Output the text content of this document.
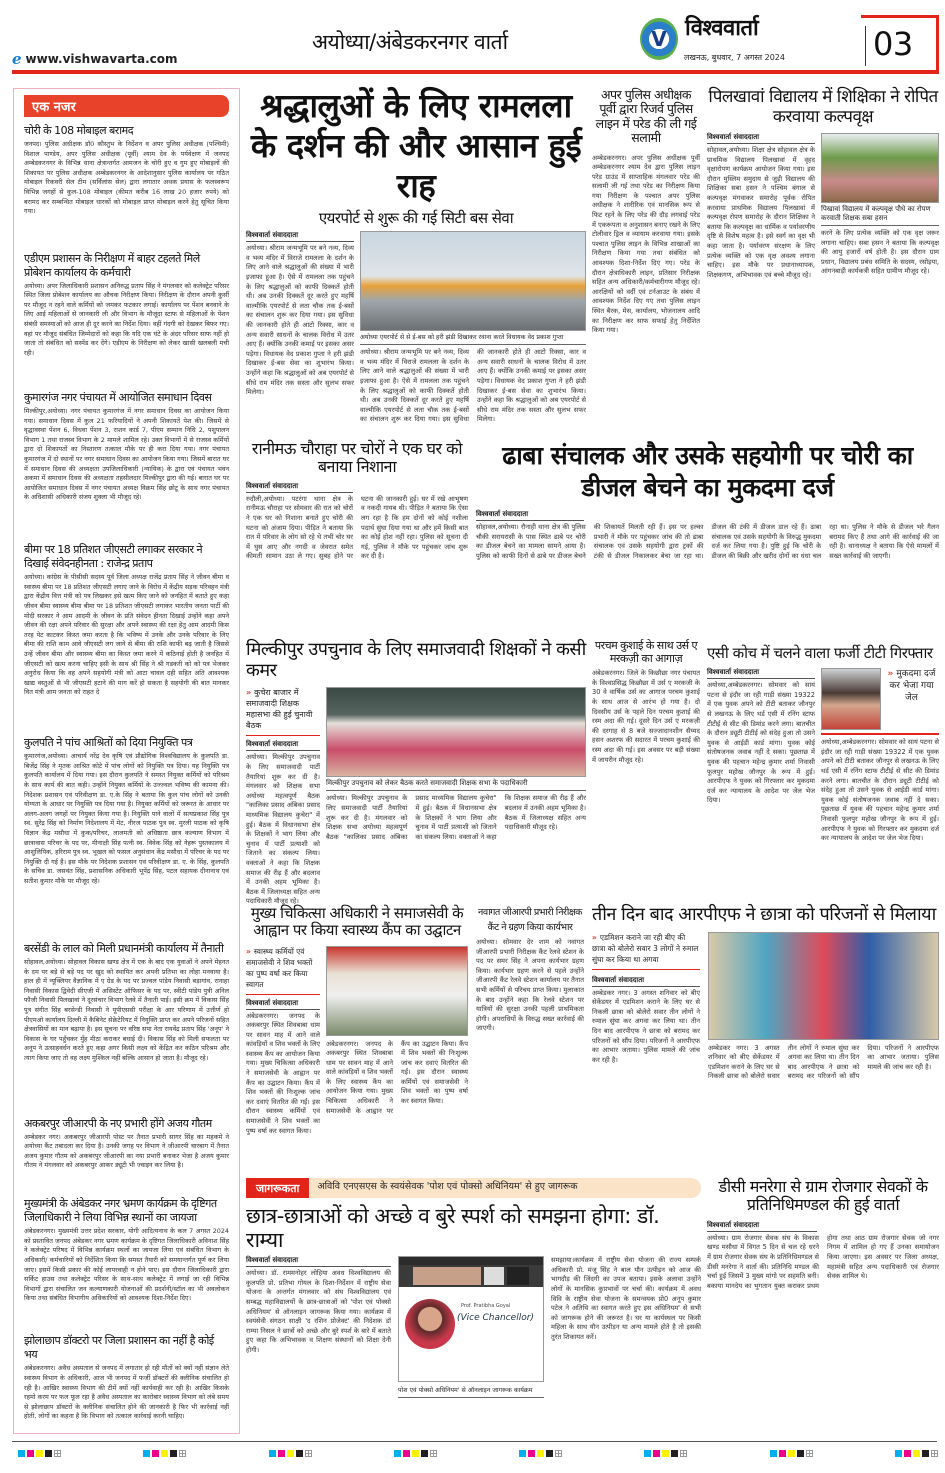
e www.vishwavarta.com
अयोध्या/अंबेडकरनगर वार्ता	V विश्ववार्ता
लखनऊ, बुधवार, 7 अगस्त 2024	03
एक नजर
चोरी के 108 मोबाइल बरामद
जनपद। पुलिस अधीक्षक डॉ0 कौस्तुभ के निर्देशन व अपर पुलिस अधीक्षक (पश्चिमी) विशाल पाण्डेय, अपर पुलिस अधीक्षक (पूर्वी) श्याम देव के पर्यवेक्षण में जनपद अम्बेडकरनगर के विभिन्न थाना क्षेत्रान्तर्गत आमजन के चोरी हुए व गुम हुए मोबाइलों की शिकायत पर पुलिस अधीक्षक अम्बेडकरनगर के आदेशानुसार पुलिस कार्यालय पर गठित मोबाइल रिकवरी सेल टीम (सर्विलांस सेल) द्वारा लगातार अथक प्रयास के फलस्वरूप विभिन्न जगहों से कुल-108 मोबाइल (कीमत करीब 16 लाख 20 हजार रुपये) को बरामद कर सम्बन्धित मोबाइल धारकों को मोबाइल प्राप्त मोबाइल करने हेतु सूचित किया गया।
एडीएम प्रशासन के निरीक्षण में बाहर टहलते मिले प्रोबेशन कार्यालय के कर्मचारी
अयोध्या। अपर जिलाधिकारी प्रशासन अनिरुद्ध प्रताप सिंह ने मंगलवार को कलेक्ट्रेट परिसर स्थित जिला प्रोबेशन कार्यालय का औचक निरीक्षण किया। निरीक्षण के दौरान अपनी कुर्सी पर मौजूद न रहने वाले कर्मियों को जमकर फटकार लगाई। कार्यालय पर पेंशन बनवाने के लिए आई महिलाओं से जानकारी ली और विभाग के मौजूदा स्टाफ से महिलाओं के पेंशन संबंधी समस्याओं को आज ही दूर करने का निर्देश दिया। वहीं गंदगी को देखकर बिफर गए। वहां पर मौजूद संबंधित जिम्मेदारों को कहा कि यदि एक घंटे के अंदर परिसर साफ नहीं हो जाता तो संबंधित को सस्पेंड कर देंगे। एडीएम के निरीक्षण को लेकर खासी खलबली मची रही।
कुमारगंज नगर पंचायत में आयोजित समाधान दिवस
मिल्कीपुर,अयोध्या। नगर पंचायत कुमारगंज में नगर समाधान दिवस का आयोजन किया गया। समाधान दिवस में कुल 21 फरियादियों ने अपनी शिकायतें पेश की। जिसमें से वृद्धावस्था पेंशन 6, विधवा पेंशन 3, राशन कार्ड 7, पीएम सम्मान निधि 2, पशुपालन विभाग 1 तथा राजस्व विभाग के 2 मामले शामिल रहे। उक्त विभागों में से राजस्व कर्मियों द्वारा दो शिकायतों का निस्तारण तत्काल मौके पर ही करा दिया गया। नगर पंचायत कुमारगंज में दो स्थानों पर नगर समाधान दिवस का आयोजन किया गया। जिसमें बारात घर में समाधान दिवस की अध्यक्षता उपजिलाधिकारी (न्यायिक) के द्वारा एवं पंचायत भवन अकमा में समाधान दिवस की अध्यक्षता तहसीलदार मिल्कीपुर द्वारा की गई। बारात घर पर आयोजित समाधान दिवस में नगर पंचायत अध्यक्ष विक्रम सिंह छोटू के साथ नगर पंचायत के अधिशासी अधिकारी संजय शुक्ला भी मौजूद रहे।
बीमा पर 18 प्रतिशत जीएसटी लगाकर सरकार ने दिखाई संवेदनहीनता : राजेन्द्र प्रताप
अयोध्या। कांग्रेस के पीसीसी सदस्य पूर्व जिला अध्यक्ष राजेंद्र प्रताप सिंह ने जीवन बीमा व स्वास्थ्य बीमा पर 18 प्रतिशत जीएसटी लगाए जाने के विरोध में केंद्रीय सड़क परिवहन मंत्री द्वारा केंद्रीय वित्त मंत्री को पत्र लिखकर इसे खत्म किए जाने को जनहित में बताते हुए कहा जीवन बीमा स्वास्थ्य बीमा बीमा पर 18 प्रतिशत जीएसटी लगाकर भारतीय जनता पार्टी की मोदी सरकार ने आम आदमी के जीवन के प्रति संवेदन हीनता दिखाई उन्होंने कहा अपने जीवन की रक्षा अपने परिवार की सुरक्षा और अपने स्वास्थ्य की रक्षा हेतु आम आदमी किस तरह पेट काटकर किस्त जमा करता है कि भविष्य में उनके और उनके परिवार के लिए बीमा की राशि काम आवे जीएसटी लग जाने से बीमा की राशि काफी बढ़ जाती है जिससे उन्हें जीवन बीमा और स्वास्थ्य बीमा का किस्त जमा करने में कठिनाई होती है जनहित में जीएसटी को खत्म करना चाहिए इसी के साथ श्री सिंह ने श्री गडकरी को को पत्र भेजकर अनुरोध किया कि वह अपने सहयोगी मंत्री को आटा चावल दही सहित अति आवश्यक खाद्य वस्तुओं से भी जीएसटी हटाने की माग करें हो सकता है सहयोगी की बात मानकर वित मंत्री आम जनता को राहत दे
कुलपति ने पांच आश्रितों को दिया नियुक्ति पत्र
कुमारगंज,अयोध्या। आचार्य नरेंद्र देव कृषि एवं प्रौद्योगिक विश्वविद्यालय के कुलपति डा. बिजेंद्र सिंह ने मृतक आश्रित कोटे में पांच लोगों को नियुक्ति पत्र दिया। यह नियुक्ति पत्र कुलपति कार्यालय में दिया गया। इस दौरान कुलपति ने समस्त नियुक्त कर्मियों को परिश्रम के साथ कार्य की बात कही। उन्होंने नियुक्त कर्मियों के उज्ज्वल भविष्य की कामना की। निदेशक प्रशासन एवं परिवीक्षण डा. ए.के सिंह ने बताया कि कुल पांच लोगों को उनकी योग्यता के आधार पर नियुक्ति पत्र दिया गया है। नियुक्त कर्मियों को जरूरत के आधार पर अलग-अलग जगहों पर नियुक्त किया गया है। नियुक्ति पाने वालों में सत्यप्रकाश सिंह पुत्र स्व. सुरेंद्र सिंह को निर्माण निदेशालय में मेट, नीरज पाठक पुत्र स्व. मुरली पाठक को कृषि विज्ञान केंद्र मसौधा में कुक/परिचर, लालमती को अधिष्ठाता छात्र कल्याण विभाग में छात्रावास परिचर के पद पर, मीनाक्षी सिंह पत्नी स्व. विवेक सिंह को नेहरू पुस्तकालय में आशुलिपिक, हरिराम पुत्र स्व. भूखल को फसल अनुसंधान केंद्र मसौधा में परिचर के पद पर नियुक्ति दी गई है। इस मौके पर निदेशक प्रशासन एवं परिवीक्षण डा. ए. के सिंह, कुलपति के सचिव डा. जसवंत सिंह, प्रशासनिक अधिकारी भूपेंद्र सिंह, पटल सहायक दीनानाथ एवं सतीश कुमार मौके पर मौजूद रहे।
बरसेंडी के लाल को मिली प्रधानमंत्री कार्यालय में तैनाती
सोहावल,अयोध्या। सोहावल विकास खण्ड क्षेत्र में एक के बाद एक युवाओं ने अपने मेहनत के दम पर बड़े से बड़े पद पर खुद को स्थापित कर अपनी प्रतिभा का लोहा मनवाया है। हाल ही में न्यूक्लियर वैज्ञानिक में ए ग्रेड के पद पर प्रज्वल पांडेय निवासी बड़ागांव, रानाहा निवासी विकास द्विवेदी सीएजी में असिस्टेंट ऑफिसर के पद पर, स्वीटी पांडेय पुत्री अनिल फौजी निवासी पिलखावां ने दूरसंचार विभाग रेलवे में तैनाती पाई। इसी क्रम में विकास सिंह पुत्र संगीत सिंह बरसेन्डी निवासी ने यूपीएससी परीक्षा के आर परिणाम में उत्तीर्ण हो पीएमओ कार्यालय दिल्ली में कैबिनेट सेक्रेटेरियट में नियुक्ति प्राप्त कर अपने परिजनों सहित क्षेत्रवासियों का मान बढ़ाया है। इस सूचना पर वरिष्ठ सपा नेता रायवेंद्र प्रताप सिंह 'अनूप' ने विकास के घर पहुँचकर मुँह मीठा कराकर बधाई दी। विकास सिंह को मिली सफलता पर अनूप ने उत्साहवर्धन करते हुए कहा अगर किसी लक्ष्य को केंद्रित कर कठिन परिश्रम और त्याग किया जाए तो वह लक्ष्य मुश्किल नहीं बल्कि आसान हो जाता है। मौजूद रहे।
अकबरपुर जीआरपी के नए प्रभारी होंगे अजय गौतम
अम्बेडकर नगर। अकबरपुर जीआरपी पोस्ट पर तैनात प्रभारी सागर सिंह का महकमे ने अयोध्या कैंट तबादला कर दिया है। उनकी जगह पर विभाग ने जीआरपी चारबाग में तैनात अजय कुमार गौतम को अकबरपुर जीआरपी का नया प्रभारी बनाकर भेजा है अजय कुमार गौतम ने मंगलवार को अकबरपुर आकर ड्यूटी भी ज्वाइन कर लिया है।
मुख्यमंत्री के अंबेडकर नगर भ्रमण कार्यक्रम के दृष्टिगत जिलाधिकारी ने लिया विभिन्न स्थानों का जायजा
अंबेडकरनगर। मुख्यमंत्री उत्तर प्रदेश सरकार, योगी आदित्यनाथ के कल 7 अगस्त 2024 को प्रस्तावित जनपद अंबेडकर नगर भ्रमण कार्यक्रम के दृष्टिगत जिलाधिकारी अविनाश सिंह ने कलेक्ट्रेट परिषद में विभिन्न कार्यक्रम स्थलों का जायजा लिया एवं संबंधित विभाग के अधिकारी/ कर्मचारियों को निर्देशित किया कि समस्त तैयारी को समयान्तर्गत पूर्ण कर लिया जाए। इसमें किसी प्रकार की कोई लापरवाही न होने पाए। इस दौरान जिलाधिकारी द्वारा सर्किट हाउस तथा कलेक्ट्रेट परिसर के साथ-साथ कलेक्ट्रेट में लगाई जा रही विभिन्न विभागों द्वारा संचालित जन कल्याणकारी योजनाओं की प्रदर्शनी/स्टॉल का भी अवलोकन किया तथा संबंधित विभागीय अधिकारियों को आवश्यक दिशा-निर्देश दिए।
झोलाछाप डॉक्टरो पर जिला प्रशासन का नहीं है कोई भय
अंबेडकरनगर। अवैध अस्पताल से जनपद में लगातार हो रही मौतों को क्यों नहीं संज्ञान लेते स्वास्थ्य विभाग के अधिकारी, आज भी जनपद में फर्जी डॉक्टरों की क्लीनिक संचालित हो रही है। आखिर स्वास्थ्य विभाग की टीमें क्यों नहीं कार्यवाही कर रही है। आखिर किसके रहमो करम पर फल फूल रहा है अवैध अस्पताल का कारोबार स्वास्थ्य विभाग को लंबे समय से झोलाछाप डॉक्टरों के क्लीनिक संचालित होने की जानकारी है फिर भी कार्रवाई नहीं होती, लोगों का कहना है कि विभाग को तत्काल कार्रवाई करनी चाहिए।
श्रद्धालुओं के लिए रामलला के दर्शन की और आसान हुई राह
एयरपोर्ट से शुरू की गई सिटी बस सेवा
विश्ववार्ता संवाददाता
अयोध्या। श्रीराम जन्मभूमि पर बने नव्य, दिव्य व भव्य मंदिर में विराजे रामलला के दर्शन के लिए आने वाले श्रद्धालुओं की संख्या में भारी इजाफा हुआ है। ऐसे में रामलला तक पहुंचने के लिए श्रद्धालुओं को काफी दिक्कतें होती थी। अब उनकी दिक्कतें दूर करते हुए महर्षि वाल्मीकि एयरपोर्ट से लता चौक तक ई-बसों का संचालन शुरू कर दिया गया। इस सुविधा की जानकारी होते ही आटो रिक्सा, कार व अन्य सवारी साधनों के चालक विरोध में उतर आए हैं। क्योंकि उनकी कमाई पर इसका असर पड़ेगा। विधायक वेद प्रकाश गुप्ता ने हरी झंडी दिखाकर ई-बस सेवा का शुभारंभ किया। उन्होंने कहा कि श्रद्धालुओं को अब एयरपोर्ट से सीधे राम मंदिर तक सस्ता और सुलभ सफर मिलेगा।
अयोध्या एयरपोर्ट से से ई-बस को हरी झंडी दिखाकर रवाना करते विधायक वेद प्रकाश गुप्ता
अयोध्या। श्रीराम जन्मभूमि पर बने नव्य, दिव्य व भव्य मंदिर में विराजे रामलला के दर्शन के लिए आने वाले श्रद्धालुओं की संख्या में भारी इजाफा हुआ है। ऐसे में रामलला तक पहुंचने के लिए श्रद्धालुओं को काफी दिक्कतें होती थी। अब उनकी दिक्कतें दूर करते हुए महर्षि वाल्मीकि एयरपोर्ट से लता चौक तक ई-बसों का संचालन शुरू कर दिया गया। इस सुविधा की जानकारी होते ही आटो रिक्सा, कार व अन्य सवारी साधनों के चालक विरोध में उतर आए हैं। क्योंकि उनकी कमाई पर इसका असर पड़ेगा। विधायक वेद प्रकाश गुप्ता ने हरी झंडी दिखाकर ई-बस सेवा का शुभारंभ किया। उन्होंने कहा कि श्रद्धालुओं को अब एयरपोर्ट से सीधे राम मंदिर तक सस्ता और सुलभ सफर मिलेगा।
अपर पुलिस अधीक्षक पूर्वी द्वारा रिजर्व पुलिस लाइन में परेड की ली गई सलामी
अम्बेडकरनगर। अपर पुलिस अधीक्षक पूर्वी अम्बेडकरनगर श्याम देव द्वारा पुलिस लाइन परेड ग्राउंड में साप्ताहिक मंगलवार परेड की सलामी ली गई तथा परेड का निरीक्षण किया गया निरीक्षण के पश्चात अपर पुलिस अधीक्षक ने शारीरिक एवं मानसिक रूप से फिट रहने के लिए परेड की दौड़ लगवाई परेड में एकरूपता व अनुशासन बनाए रखने के लिए टोलीवार ड्रिल व व्यायाम करवाया गया। इसके पश्चात पुलिस लाइन के विभिन्न शाखाओं का निरीक्षण किया गया तथा संबंधित को आवश्यक दिशा-निर्देश दिए गए। परेड के दौरान क्षेत्राधिकारी लाइन, प्रतिसार निरीक्षक सहित अन्य अधिकारी/कर्मचारीगण मौजूद रहे। आरक्षियों को वर्दी एवं टर्नआउट के संबंध में आवश्यक निर्देश दिए गए तथा पुलिस लाइन स्थित बैरक, मेस, कार्यालय, भोजनालय आदि का निरीक्षण कर साफ सफाई हेतु निर्देशित किया गया।
पिलखावां विद्यालय में शिक्षिका ने रोपित करवाया कल्पवृक्ष
विश्ववार्ता संवाददाता
सोहावल,अयोध्या। शिक्षा क्षेत्र सोहावल क्षेत्र के प्राथमिक विद्यालय पिलखावां में वृहद वृक्षारोपण कार्यक्रम आयोजन किया गया। इस दौरान मुस्लिम समुदाय से जुड़ी विद्यालय की शिक्षिका सबा हसन ने पश्चिम बंगाल से कल्पवृक्ष मंगवाकर समारोह पूर्वक रोपित करवाया प्राथमिक विद्यालय पिलखावां में कल्पवृक्ष रोपण समारोह के दौरान शिक्षिका ने बताया कि कल्पवृक्ष का धार्मिक व पर्यावरणीय दृष्टि से विशेष महत्व है। इसे स्वर्ग का वृक्ष भी कहा जाता है। पर्यावरण संरक्षण के लिए प्रत्येक व्यक्ति को एक वृक्ष अवश्य लगाना चाहिए। इस मौके पर प्रधानाध्यापक, शिक्षकगण, अभिभावक एवं बच्चे मौजूद रहे।
पिखावां विद्यालय में कल्पवृक्ष पौधे का रोपण करवाती शिक्षक सबा हसन
करने के लिए प्रत्येक व्यक्ति को एक वृक्ष जरूर लगाना चाहिए। सबा हसन ने बताया कि कल्पवृक्ष की आयु हजारों वर्ष होती है। इस दौरान ग्राम प्रधान, विद्यालय प्रबंध समिति के सदस्य, रसोइया, आंगनबाड़ी कार्यकत्री सहित ग्रामीण मौजूद रहे।
रानीमऊ चौराहा पर चोरों ने एक घर को बनाया निशाना
विश्ववार्ता संवाददाता
रुदौली,अयोध्या। पटरंगा थाना क्षेत्र के रानीमऊ चौराहा पर सोमवार की रात को चोरों ने एक घर को निशाना बनाते हुए चोरी की घटना को अंजाम दिया। पीड़ित ने बताया कि रात में परिवार के लोग सो रहे थे तभी चोर घर में घुस आए और नगदी व जेवरात समेत कीमती सामान उठा ले गए। सुबह होने पर घटना की जानकारी हुई। घर में रखे आभूषण व नकदी गायब थी। पीड़ित ने बताया कि ऐसा लग रहा है कि हम दोनों को कोई नशीला पदार्थ सुंघा दिया गया था और हमें किसी बात का कोई होश नहीं रहा। पुलिस को सूचना दी गई, पुलिस ने मौके पर पहुंचकर जांच शुरू कर दी है।
ढाबा संचालक और उसके सहयोगी पर चोरी का डीजल बेचने का मुकदमा दर्ज
विश्ववार्ता संवाददाता
सोहावल,अयोध्या। रौनाही थाना क्षेत्र की पुलिस चौकी सरायरासी के पास स्थित ढाबे पर चोरी का डीजल बेचने का मामला सामने आया है। पुलिस को काफी दिनों से ढाबे पर डीजल बेचने की शिकायतें मिलती रही हैं। इस पर हल्का प्रभारी ने मौके पर पहुंचकर जांच की तो ढाबा संचालक एवं उसके सहयोगी द्वारा ट्रकों की टंकी से डीजल निकालकर बेचा जा रहा था। डीजल की टंकी में डीजल डाल रहे हैं। ढाबा संचालक एवं उसके सहयोगी के विरुद्ध मुकदमा दर्ज कर लिया गया है। पुष्टि हुई कि चोरी के डीजल की बिक्री और खरीद दोनों का धंधा चल रहा था। पुलिस ने मौके से डीजल भरे गैलन बरामद किए हैं तथा आगे की कार्रवाई की जा रही है। थानाध्यक्ष ने बताया कि ऐसे मामलों में सख्त कार्रवाई की जाएगी।
मिल्कीपुर उपचुनाव के लिए समाजवादी शिक्षकों ने कसी कमर
» कुचेरा बाजार में समाजवादी शिक्षक महासभा की हुई चुनावी बैठक
विश्ववार्ता संवाददाता
अयोध्या। मिल्कीपुर उपचुनाव के लिए समाजवादी पार्टी तैयारियां शुरू कर दी है। मंगलवार को शिक्षक सभा अयोध्या महत्वपूर्ण बैठक "कालिका प्रसाद अंबिका प्रसाद माध्यमिक विद्यालय कुचेरा" में हुई। बैठक में विधानसभा क्षेत्र के शिक्षकों ने भाग लिया और चुनाव में पार्टी प्रत्याशी को जिताने का संकल्प लिया। वक्ताओं ने कहा कि शिक्षक समाज की रीढ़ हैं और बदलाव में उनकी अहम भूमिका है। बैठक में जिलाध्यक्ष सहित अन्य पदाधिकारी मौजूद रहे।
मिल्कीपुर उपचुनाव को लेकर बैठक करते समाजवादी शिक्षक सभा के पदाधिकारी
अयोध्या। मिल्कीपुर उपचुनाव के लिए समाजवादी पार्टी तैयारियां शुरू कर दी है। मंगलवार को शिक्षक सभा अयोध्या महत्वपूर्ण बैठक "कालिका प्रसाद अंबिका प्रसाद माध्यमिक विद्यालय कुचेरा" में हुई। बैठक में विधानसभा क्षेत्र के शिक्षकों ने भाग लिया और चुनाव में पार्टी प्रत्याशी को जिताने का संकल्प लिया। वक्ताओं ने कहा कि शिक्षक समाज की रीढ़ हैं और बदलाव में उनकी अहम भूमिका है। बैठक में जिलाध्यक्ष सहित अन्य पदाधिकारी मौजूद रहे।
परचम कुशाई के साथ उर्स ए मरकज़ी का आगाज़
अंबेडकरनगर। जिले के किछौछा नगर पंचायत के विश्वप्रसिद्ध किछौछा में उर्स ए मरकजी के 30 वे वार्षिक उर्स का आगाज परचम कुशाई के साथ आज से आरंभ हो गया है। दो दिवसीय उर्स के पहले दिन परचम कुशाई की रस्म अदा की गई। दूसरे दिन उर्स ए मरकज़ी की दरगाह से 8 बजे सज्जादानशीन सैय्यद हसन अशरफ की सदारत में परचम कुशाई की रस्म अदा की गई। इस अवसर पर बड़ी संख्या में जायरीन मौजूद रहे।
एसी कोच में चलने वाला फर्जी टीटी गिरफ्तार
विश्ववार्ता संवाददाता
अयोध्या,अम्बेडकरनगर। सोमवार को सायं पटना से इंदौर जा रही गाड़ी संख्या 19322 में एक युवक अपने को टीटी बताकर जौनपुर से लखनऊ के लिए थर्ड एसी में रनिंग स्टाफ टीटीई से सीट की डिमांड करने लगा। बातचीत के दौरान ड्यूटी टीटीई को संदेह हुआ तो उसने युवक से आईडी कार्ड मांगा। युवक कोई संतोषजनक जवाब नहीं दे सका। पूछताछ में युवक की पहचान महेन्द्र कुमार शर्मा निवासी फूलपुर महोख जौनपुर के रूप में हुई। आरपीएफ ने युवक को गिरफ्तार कर मुकदमा दर्ज कर न्यायालय के आदेश पर जेल भेज दिया।
» मुकदमा दर्ज कर भेजा गया जेल
अयोध्या,अम्बेडकरनगर। सोमवार को सायं पटना से इंदौर जा रही गाड़ी संख्या 19322 में एक युवक अपने को टीटी बताकर जौनपुर से लखनऊ के लिए थर्ड एसी में रनिंग स्टाफ टीटीई से सीट की डिमांड करने लगा। बातचीत के दौरान ड्यूटी टीटीई को संदेह हुआ तो उसने युवक से आईडी कार्ड मांगा। युवक कोई संतोषजनक जवाब नहीं दे सका। पूछताछ में युवक की पहचान महेन्द्र कुमार शर्मा निवासी फूलपुर महोख जौनपुर के रूप में हुई। आरपीएफ ने युवक को गिरफ्तार कर मुकदमा दर्ज कर न्यायालय के आदेश पर जेल भेज दिया।
मुख्य चिकित्सा अधिकारी ने समाजसेवी के आह्वान पर किया स्वास्थ्य कैंप का उद्घाटन
» स्वास्थ्य कर्मियों एवं समाजसेवी ने शिव भक्तों का पुष्प वर्षा कर किया स्वागत
विश्ववार्ता संवाददाता
अंबेडकरनगर। जनपद के अकबरपुर स्थित शिवबाबा धाम पर सावन माह में आने वाले कांवड़ियों व शिव भक्तों के लिए स्वास्थ्य कैंप का आयोजन किया गया। मुख्य चिकित्सा अधिकारी ने समाजसेवी के आह्वान पर कैंप का उद्घाटन किया। कैंप में शिव भक्तों की निःशुल्क जांच कर दवाएं वितरित की गईं। इस दौरान स्वास्थ्य कर्मियों एवं समाजसेवी ने शिव भक्तों का पुष्प वर्षा कर स्वागत किया।
अंबेडकरनगर। जनपद के अकबरपुर स्थित शिवबाबा धाम पर सावन माह में आने वाले कांवड़ियों व शिव भक्तों के लिए स्वास्थ्य कैंप का आयोजन किया गया। मुख्य चिकित्सा अधिकारी ने समाजसेवी के आह्वान पर कैंप का उद्घाटन किया। कैंप में शिव भक्तों की निःशुल्क जांच कर दवाएं वितरित की गईं। इस दौरान स्वास्थ्य कर्मियों एवं समाजसेवी ने शिव भक्तों का पुष्प वर्षा कर स्वागत किया।
नवागत जीआरपी प्रभारी निरीक्षक कैंट ने ग्रहण किया कार्यभार
अयोध्या। सोमवार देर शाम को नवागत जीआरपी प्रभारी निरीक्षक कैंट रेलवे स्टेशन के पद पर समर सिंह ने अपना कार्यभार ग्रहण किया। कार्यभार ग्रहण करने से पहले उन्होंने जीआरपी कैंट रेलवे स्टेशन कार्यालय पर तैनात सभी कर्मियों से परिचय प्राप्त किया। मुलाकात के बाद उन्होंने कहा कि रेलवे स्टेशन पर यात्रियों की सुरक्षा उनकी पहली प्राथमिकता होगी। अपराधियों के विरुद्ध सख्त कार्रवाई की जाएगी।
तीन दिन बाद आरपीएफ ने छात्रा को परिजनों से मिलाया
» एडमिशन कराने जा रही बीए की छात्रा को बोलेरो सवार 3 लोगों ने रुमाल सुंघा कर किया था अगवा
विश्ववार्ता संवाददाता
अम्बेडकर नगर। 3 अगस्त शनिवार को बीए सेकेंडयर में एडमिशन कराने के लिए घर से निकली छात्रा को बोलेरो सवार तीन लोगों ने रुमाल सुंघा कर अगवा कर लिया था। तीन दिन बाद आरपीएफ ने छात्रा को बरामद कर परिजनों को सौंप दिया। परिजनों ने आरपीएफ का आभार जताया। पुलिस मामले की जांच कर रही है।
अम्बेडकर नगर। 3 अगस्त शनिवार को बीए सेकेंडयर में एडमिशन कराने के लिए घर से निकली छात्रा को बोलेरो सवार तीन लोगों ने रुमाल सुंघा कर अगवा कर लिया था। तीन दिन बाद आरपीएफ ने छात्रा को बरामद कर परिजनों को सौंप दिया। परिजनों ने आरपीएफ का आभार जताया। पुलिस मामले की जांच कर रही है।
जागरूकता	अविवि एनएसएस के स्वयंसेवक 'पोश एवं पोक्सो अधिनियम' से हुए जागरूक
छात्र-छात्राओं को अच्छे व बुरे स्पर्श को समझना होगा: डॉ. राम्या
विश्ववार्ता संवाददाता
अयोध्या। डॉ. राममनोहर लोहिया अवध विश्वविद्यालय की कुलपति प्रो. प्रतिभा गोयल के दिशा-निर्देशन में राष्ट्रीय सेवा योजना के अन्तर्गत मंगलवार को संघ विश्वविद्यालय एवं सम्बद्ध महाविद्यालयों के छात्र-छात्राओं को 'पोश एवं पोक्सो अधिनियम' से ऑनलाइन जागरूक किया गया। कार्यक्रम में स्वयंसेवी संगठन साक्षी 'द रशिन प्रोजेक्ट' की निदेशक डॉ राम्या निसल ने छात्रों को अच्छे और बुरे स्पर्श के बारे में बताते हुए कहा कि अभिभावक व शिक्षण संस्थानों को शिक्षा देनी होगी।
Prof. Pratibha Goyal
(Vice Chancellor)
पोश एवं पोक्सो अधिनियम' से ऑनलाइन जागरूक कार्यक्रम
समझाया।कार्यक्रम में राष्ट्रीय सेवा योजना की राज्य सम्पर्क अधिकारी प्रो. मंजू सिंह ने बाल यौन उत्पीड़न को आज की भागदौड़ की जिंदगी का उपज बताया। इसके अलावा उन्होंने लोगों के मानसिक कुप्रभावों पर चर्चा की। कार्यक्रम में अवध विवि के राष्ट्रीय सेवा योजना के समन्वयक प्रो0 अनूप कुमार पटेल ने अतिथि का स्वागत करते हुए इस अधिनियम' से सभी को जागरूक होने की जरूरत है। घर या कार्यस्थल पर किसी महिला के साथ यौन उत्पीड़न या अन्य मामले होते है तो इसकी तुरंत शिकायत करें।
डीसी मनरेगा से ग्राम रोजगार सेवकों के प्रतिनिधिमण्डल की हुई वार्ता
विश्ववार्ता संवाददाता
अयोध्या। ग्राम रोजगार सेवक संघ के विकास खण्ड मसौधा में विगत 5 दिन से चल रहे धरने में ग्राम रोजगार सेवक संघ के प्रतिनिधिमण्डल से डीसी मनरेगा ने वार्ता की। प्रतिनिधि मण्डल की चर्चा हुई जिसमें 3 मुख्य मांगो पर सहमति बनी। बकाया मानदेय का भुगतान युक्त कराकर प्रथम होगा तथा आठ ग्राम रोजगार सेवक जो नगर निगम में शामिल हो गए हैं उनका समायोजन किया जाएगा। इस अवसर पर जिला अध्यक्ष, महामंत्री सहित अन्य पदाधिकारी एवं रोजगार सेवक शामिल थे।
